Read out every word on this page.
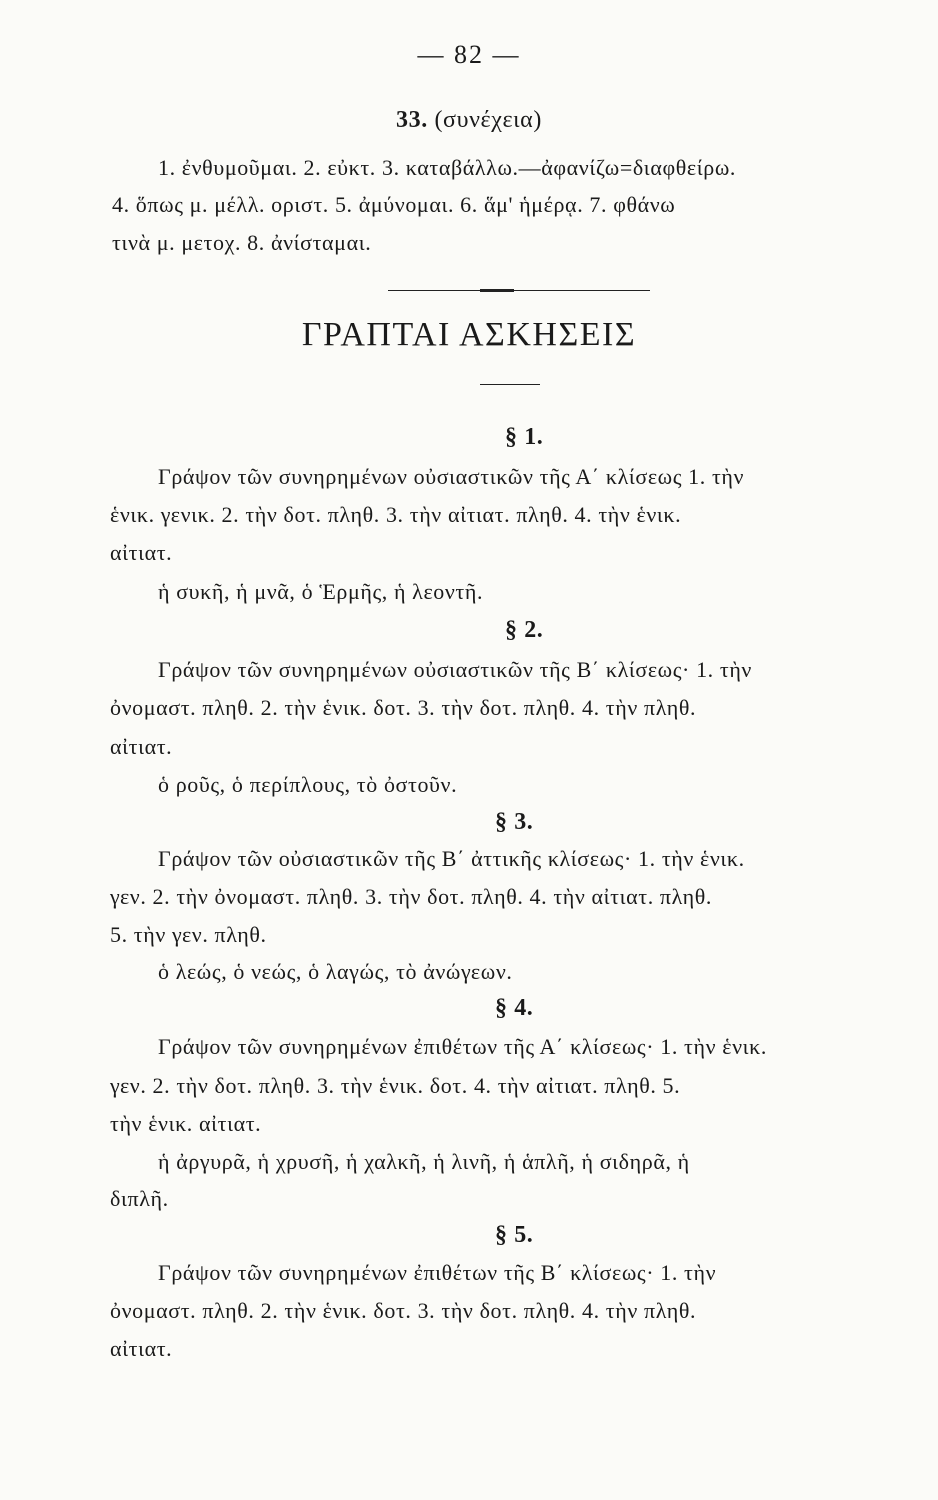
— 82 —
33. (συνέχεια)
1. ἐνθυμοῦμαι. 2. εὐκτ. 3. καταβάλλω.—ἀφανίζω=διαφθείρω.
4. ὅπως μ. μέλλ. οριστ. 5. ἀμύνομαι. 6. ἅμ' ἡμέρᾳ. 7. φθάνω
τινὰ μ. μετοχ. 8. ἀνίσταμαι.
ΓΡΑΠΤΑΙ ΑΣΚΗΣΕΙΣ
§ 1.
Γράψον τῶν συνηρημένων οὐσιαστικῶν τῆς Α΄ κλίσεως 1. τὴν
ἑνικ. γενικ. 2. τὴν δοτ. πληθ. 3. τὴν αἰτιατ. πληθ. 4. τὴν ἑνικ.
αἰτιατ.
ἡ συκῆ, ἡ μνᾶ, ὁ Ἑρμῆς, ἡ λεοντῆ.
§ 2.
Γράψον τῶν συνηρημένων οὐσιαστικῶν τῆς Β΄ κλίσεως· 1. τὴν
ὀνομαστ. πληθ. 2. τὴν ἑνικ. δοτ. 3. τὴν δοτ. πληθ. 4. τὴν πληθ.
αἰτιατ.
ὁ ροῦς, ὁ περίπλους, τὸ ὀστοῦν.
§ 3.
Γράψον τῶν οὐσιαστικῶν τῆς Β΄ ἀττικῆς κλίσεως· 1. τὴν ἑνικ.
γεν. 2. τὴν ὀνομαστ. πληθ. 3. τὴν δοτ. πληθ. 4. τὴν αἰτιατ. πληθ.
5. τὴν γεν. πληθ.
ὁ λεώς, ὁ νεώς, ὁ λαγώς, τὸ ἀνώγεων.
§ 4.
Γράψον τῶν συνηρημένων ἐπιθέτων τῆς Α΄ κλίσεως· 1. τὴν ἑνικ.
γεν. 2. τὴν δοτ. πληθ. 3. τὴν ἑνικ. δοτ. 4. τὴν αἰτιατ. πληθ. 5.
τὴν ἑνικ. αἰτιατ.
ἡ ἀργυρᾶ, ἡ χρυσῆ, ἡ χαλκῆ, ἡ λινῆ, ἡ ἁπλῆ, ἡ σιδηρᾶ, ἡ
διπλῆ.
§ 5.
Γράψον τῶν συνηρημένων ἐπιθέτων τῆς Β΄ κλίσεως· 1. τὴν
ὀνομαστ. πληθ. 2. τὴν ἑνικ. δοτ. 3. τὴν δοτ. πληθ. 4. τὴν πληθ.
αἰτιατ.
